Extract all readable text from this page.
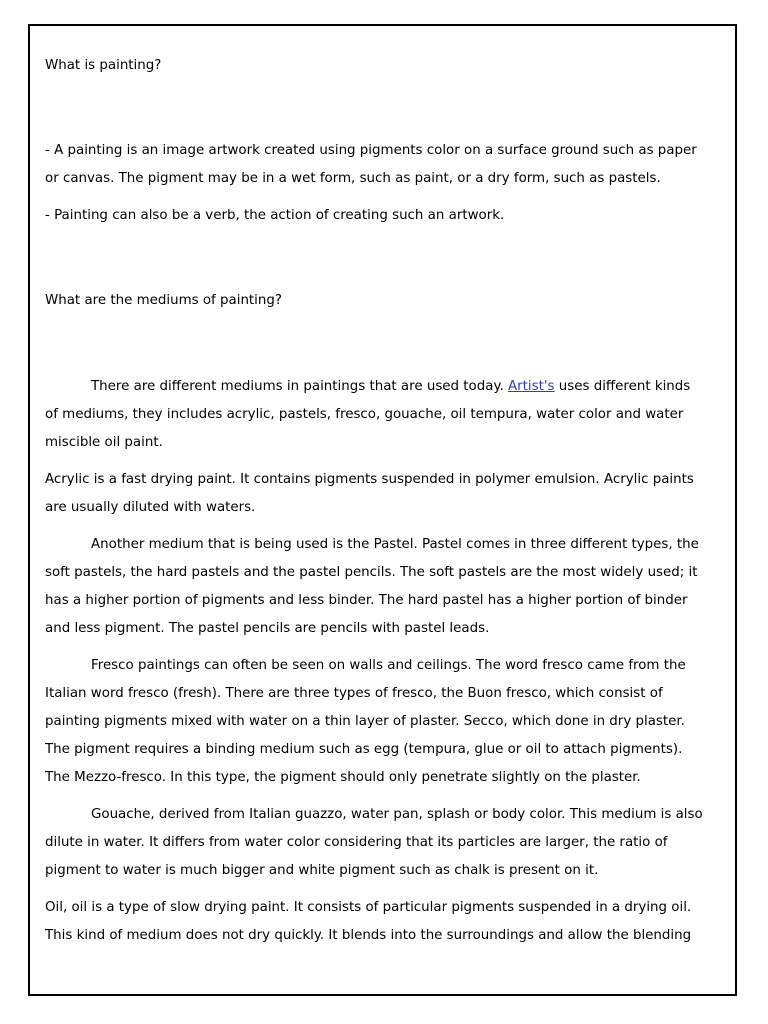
What is painting?
- A painting is an image artwork created using pigments color on a surface ground such as paper
or canvas. The pigment may be in a wet form, such as paint, or a dry form, such as pastels.
- Painting can also be a verb, the action of creating such an artwork.
What are the mediums of painting?
There are different mediums in paintings that are used today. Artist's uses different kinds
of mediums, they includes acrylic, pastels, fresco, gouache, oil tempura, water color and water
miscible oil paint.
Acrylic is a fast drying paint. It contains pigments suspended in polymer emulsion. Acrylic paints
are usually diluted with waters.
Another medium that is being used is the Pastel. Pastel comes in three different types, the
soft pastels, the hard pastels and the pastel pencils. The soft pastels are the most widely used; it
has a higher portion of pigments and less binder. The hard pastel has a higher portion of binder
and less pigment. The pastel pencils are pencils with pastel leads.
Fresco paintings can often be seen on walls and ceilings. The word fresco came from the
Italian word fresco (fresh). There are three types of fresco, the Buon fresco, which consist of
painting pigments mixed with water on a thin layer of plaster. Secco, which done in dry plaster.
The pigment requires a binding medium such as egg (tempura, glue or oil to attach pigments).
The Mezzo-fresco. In this type, the pigment should only penetrate slightly on the plaster.
Gouache, derived from Italian guazzo, water pan, splash or body color. This medium is also
dilute in water. It differs from water color considering that its particles are larger, the ratio of
pigment to water is much bigger and white pigment such as chalk is present on it.
Oil, oil is a type of slow drying paint. It consists of particular pigments suspended in a drying oil.
This kind of medium does not dry quickly. It blends into the surroundings and allow the blending
